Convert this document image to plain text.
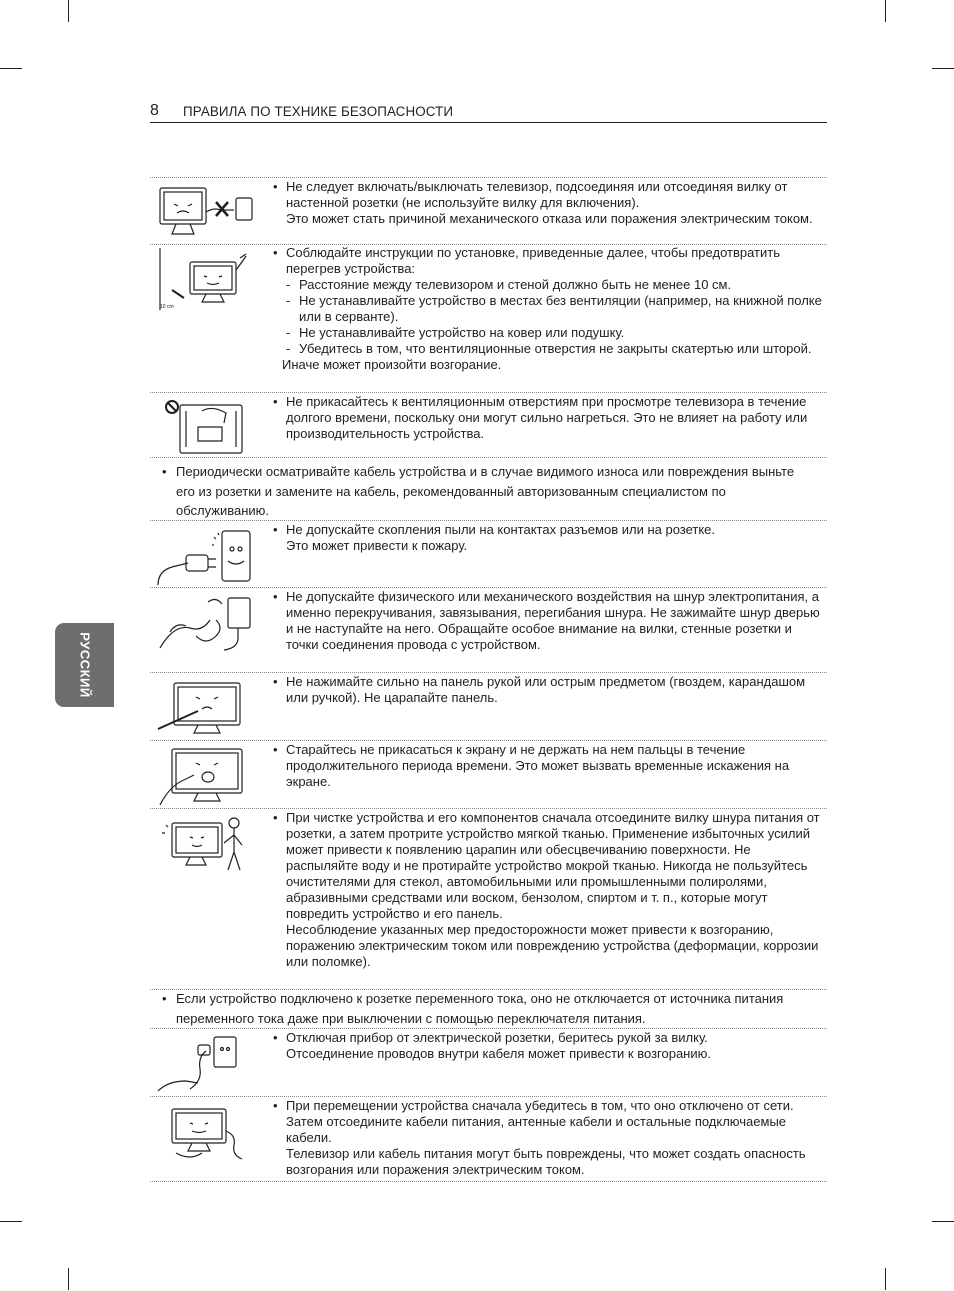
8 ПРАВИЛА ПО ТЕХНИКЕ БЕЗОПАСНОСТИ
РУССКИЙ
• Не следует включать/выключать телевизор, подсоединяя или отсоединяя вилку от настенной розетки (не используйте вилку для включения).
Это может стать причиной механического отказа или поражения электрическим током.
10 cm
• Соблюдайте инструкции по установке, приведенные далее, чтобы предотвратить перегрев устройства:
- Расстояние между телевизором и стеной должно быть не менее 10 см.
- Не устанавливайте устройство в местах без вентиляции (например, на книжной полке или в серванте).
- Не устанавливайте устройство на ковер или подушку.
- Убедитесь в том, что вентиляционные отверстия не закрыты скатертью или шторой.
Иначе может произойти возгорание.
• Не прикасайтесь к вентиляционным отверстиям при просмотре телевизора в течение долгого времени, поскольку они могут сильно нагреться. Это не влияет на работу или производительность устройства.
• Периодически осматривайте кабель устройства и в случае видимого износа или повреждения выньте его из розетки и замените на кабель, рекомендованный авторизованным специалистом по обслуживанию.
• Не допускайте скопления пыли на контактах разъемов или на розетке.
Это может привести к пожару.
• Не допускайте физического или механического воздействия на шнур электропитания, а именно перекручивания, завязывания, перегибания шнура. Не зажимайте шнур дверью и не наступайте на него. Обращайте особое внимание на вилки, стенные розетки и точки соединения провода с устройством.
• Не нажимайте сильно на панель рукой или острым предметом (гвоздем, карандашом или ручкой). Не царапайте панель.
• Старайтесь не прикасаться к экрану и не держать на нем пальцы в течение продолжительного периода времени. Это может вызвать временные искажения на экране.
• При чистке устройства и его компонентов сначала отсоедините вилку шнура питания от розетки, а затем протрите устройство мягкой тканью. Применение избыточных усилий может привести к появлению царапин или обесцвечиванию поверхности. Не распыляйте воду и не протирайте устройство мокрой тканью. Никогда не пользуйтесь очистителями для стекол, автомобильными или промышленными полиролями, абразивными средствами или воском, бензолом, спиртом и т. п., которые могут повредить устройство и его панель.
Несоблюдение указанных мер предосторожности может привести к возгоранию, поражению электрическим током или повреждению устройства (деформации, коррозии или поломке).
• Если устройство подключено к розетке переменного тока, оно не отключается от источника питания переменного тока даже при выключении с помощью переключателя питания.
• Отключая прибор от электрической розетки, беритесь рукой за вилку.
Отсоединение проводов внутри кабеля может привести к возгоранию.
• При перемещении устройства сначала убедитесь в том, что оно отключено от сети. Затем отсоедините кабели питания, антенные кабели и остальные подключаемые кабели.
Телевизор или кабель питания могут быть повреждены, что может создать опасность возгорания или поражения электрическим током.
